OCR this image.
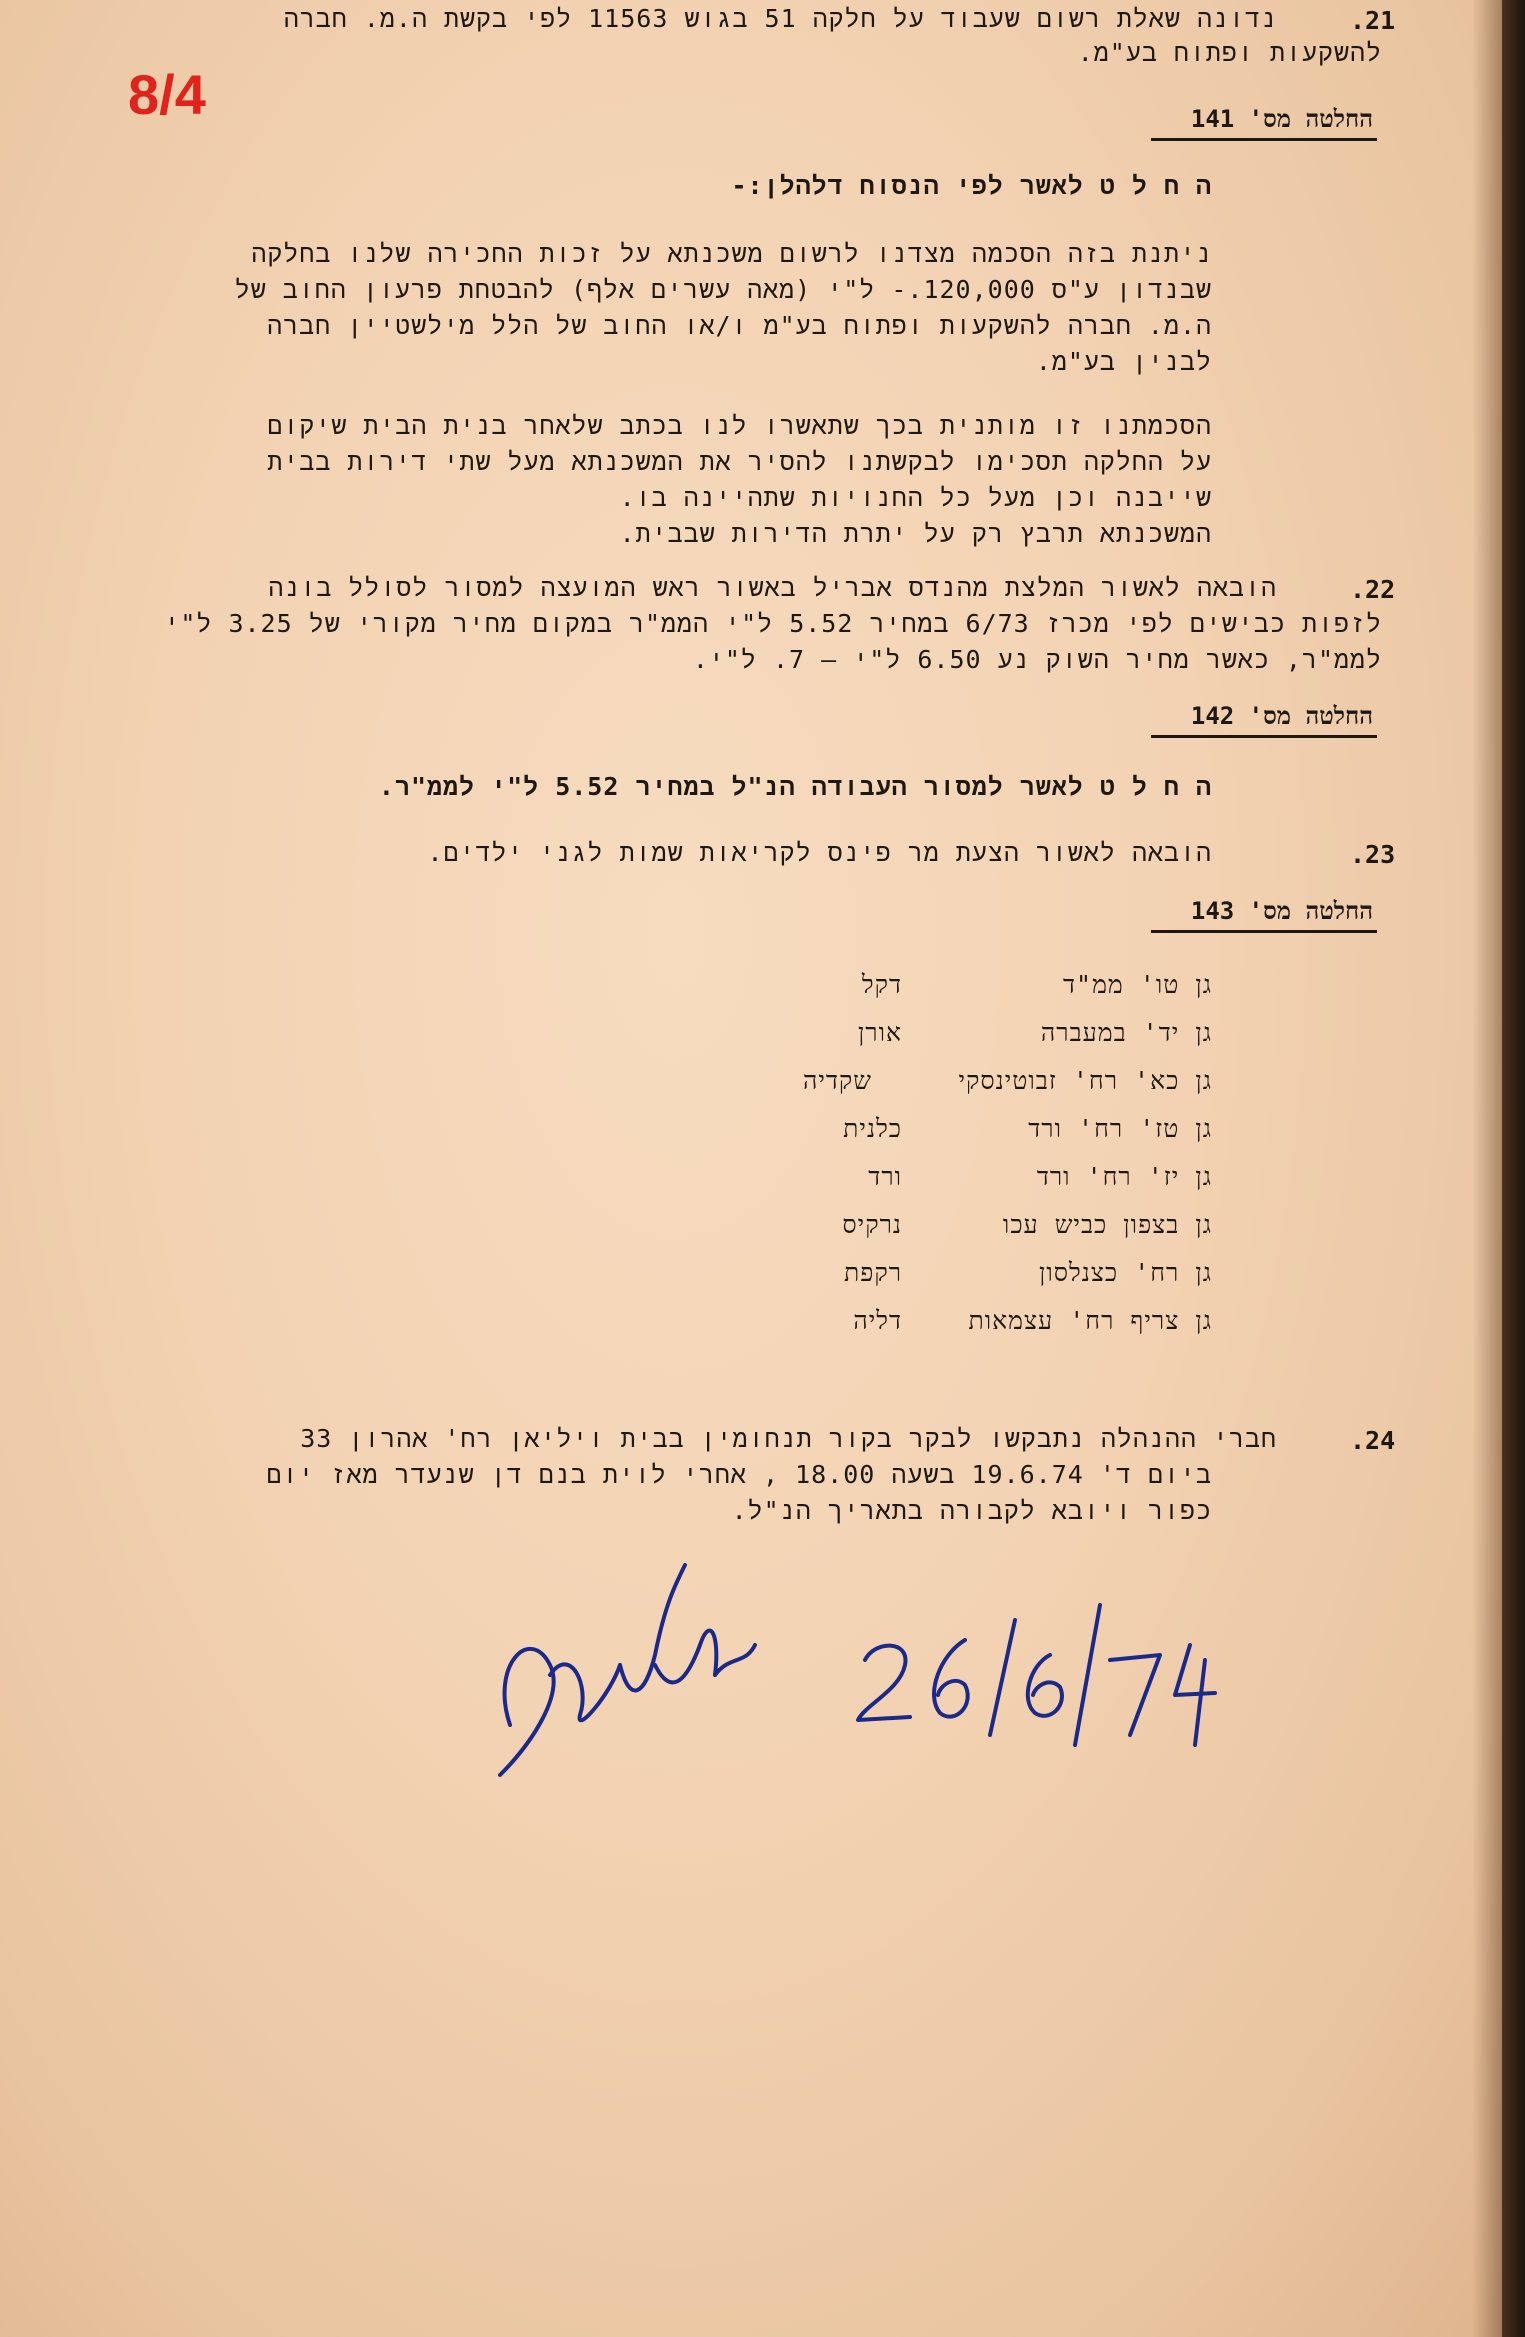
8/4
.21
נדונה שאלת רשום שעבוד על חלקה 51 בגוש 11563 לפי בקשת ה.מ. חברה
להשקעות ופתוח בע"מ.
החלטה מס' 141
ה ח ל ט לאשר לפי הנסוח דלהלן:-
ניתנת בזה הסכמה מצדנו לרשום משכנתא על זכות החכירה שלנו בחלקה
שבנדון ע"ס 120,000.- ל"י (מאה עשרים אלף) להבטחת פרעון החוב של
ה.מ. חברה להשקעות ופתוח בע"מ ו/או החוב של הלל מילשטיין חברה
לבנין בע"מ.
הסכמתנו זו מותנית בכך שתאשרו לנו בכתב שלאחר בנית הבית שיקום
על החלקה תסכימו לבקשתנו להסיר את המשכנתא מעל שתי דירות בבית
שייבנה וכן מעל כל החנויות שתהיינה בו.
המשכנתא תרבץ רק על יתרת הדירות שבבית.
.22
הובאה לאשור המלצת מהנדס אבריל באשור ראש המועצה למסור לסולל בונה
לזפות כבישים לפי מכרז 6/73 במחיר 5.52 ל"י הממ"ר במקום מחיר מקורי של 3.25 ל"י
לממ"ר, כאשר מחיר השוק נע 6.50 ל"י – 7. ל"י.
החלטה מס' 142
ה ח ל ט לאשר למסור העבודה הנ"ל במחיר 5.52 ל"י לממ"ר.
.23
הובאה לאשור הצעת מר פינס לקריאות שמות לגני ילדים.
החלטה מס' 143
גן טו' ממ"ד
דקל
גן יד' במעברה
אורן
גן כא' רח' זבוטינסקי
שקדיה
גן טז' רח' ורד
כלנית
גן יז' רח' ורד
ורד
גן בצפון כביש עכו
נרקיס
גן רח' כצנלסון
רקפת
גן צריף רח' עצמאות
דליה
.24
חברי ההנהלה נתבקשו לבקר בקור תנחומין בבית ויליאן רח' אהרון 33
ביום ד' 19.6.74 בשעה 18.00 , אחרי לוית בנם דן שנעדר מאז יום
כפור ויובא לקבורה בתאריך הנ"ל.
